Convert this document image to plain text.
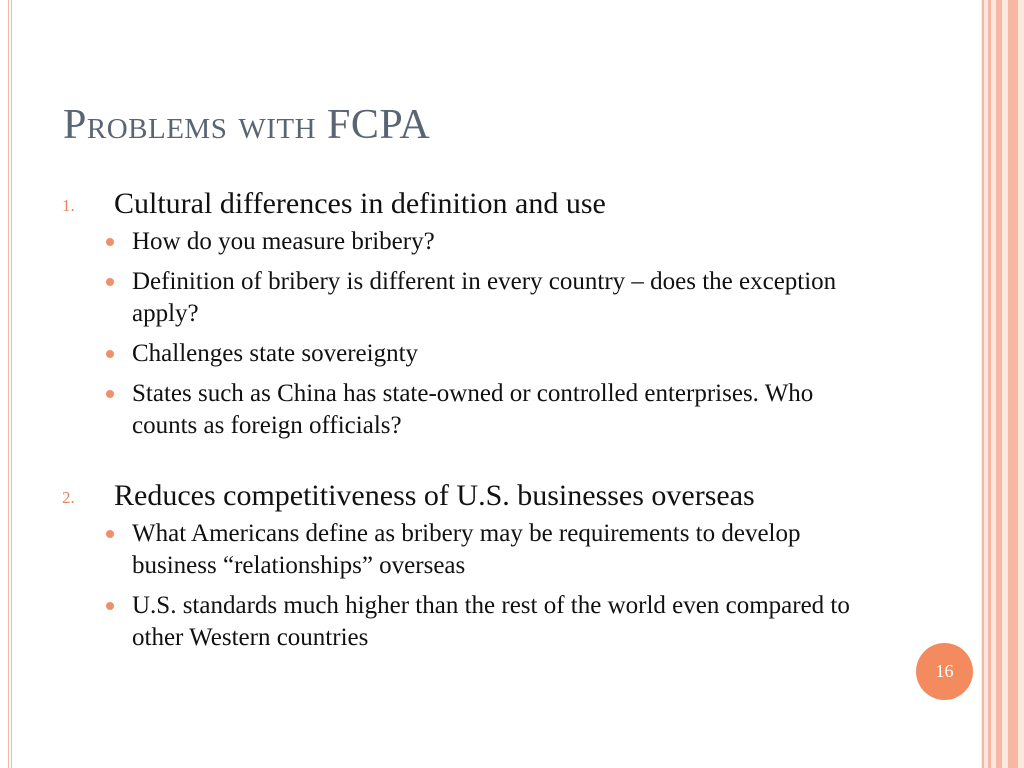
Problems with FCPA
1.	Cultural differences in definition and use
How do you measure bribery?
Definition of bribery is different in every country – does the exception apply?
Challenges state sovereignty
States such as China has state-owned or controlled enterprises. Who counts as foreign officials?
2.	Reduces competitiveness of U.S. businesses overseas
What Americans define as bribery may be requirements to develop business “relationships” overseas
U.S. standards much higher than the rest of the world even compared to other Western countries
16
